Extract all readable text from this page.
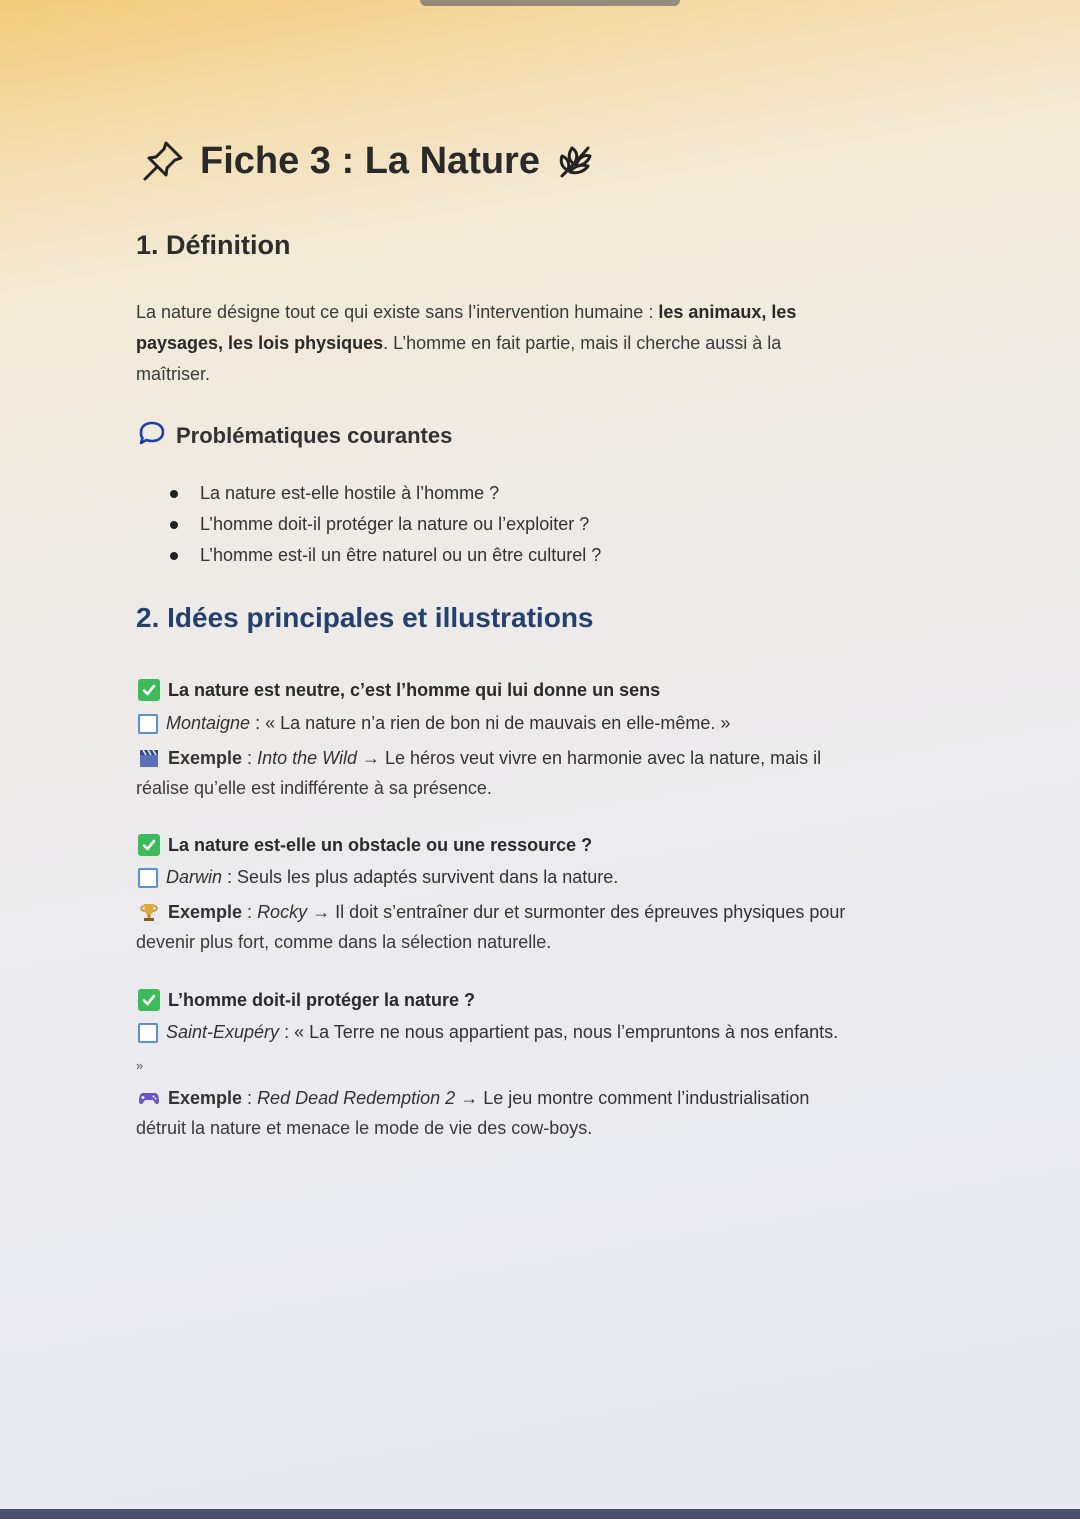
Fiche 3 : La Nature
1. Définition
La nature désigne tout ce qui existe sans l’intervention humaine : les animaux, les
paysages, les lois physiques. L’homme en fait partie, mais il cherche aussi à la
maîtriser.
Problématiques courantes
La nature est-elle hostile à l’homme ?
L’homme doit-il protéger la nature ou l’exploiter ?
L’homme est-il un être naturel ou un être culturel ?
2. Idées principales et illustrations
La nature est neutre, c’est l’homme qui lui donne un sens
Montaigne : « La nature n’a rien de bon ni de mauvais en elle-même. »
Exemple : Into the Wild → Le héros veut vivre en harmonie avec la nature, mais il
réalise qu’elle est indifférente à sa présence.
La nature est-elle un obstacle ou une ressource ?
Darwin : Seuls les plus adaptés survivent dans la nature.
Exemple : Rocky → Il doit s’entraîner dur et surmonter des épreuves physiques pour
devenir plus fort, comme dans la sélection naturelle.
L’homme doit-il protéger la nature ?
Saint-Exupéry : « La Terre ne nous appartient pas, nous l’empruntons à nos enfants.
»
Exemple : Red Dead Redemption 2 → Le jeu montre comment l’industrialisation
détruit la nature et menace le mode de vie des cow-boys.
